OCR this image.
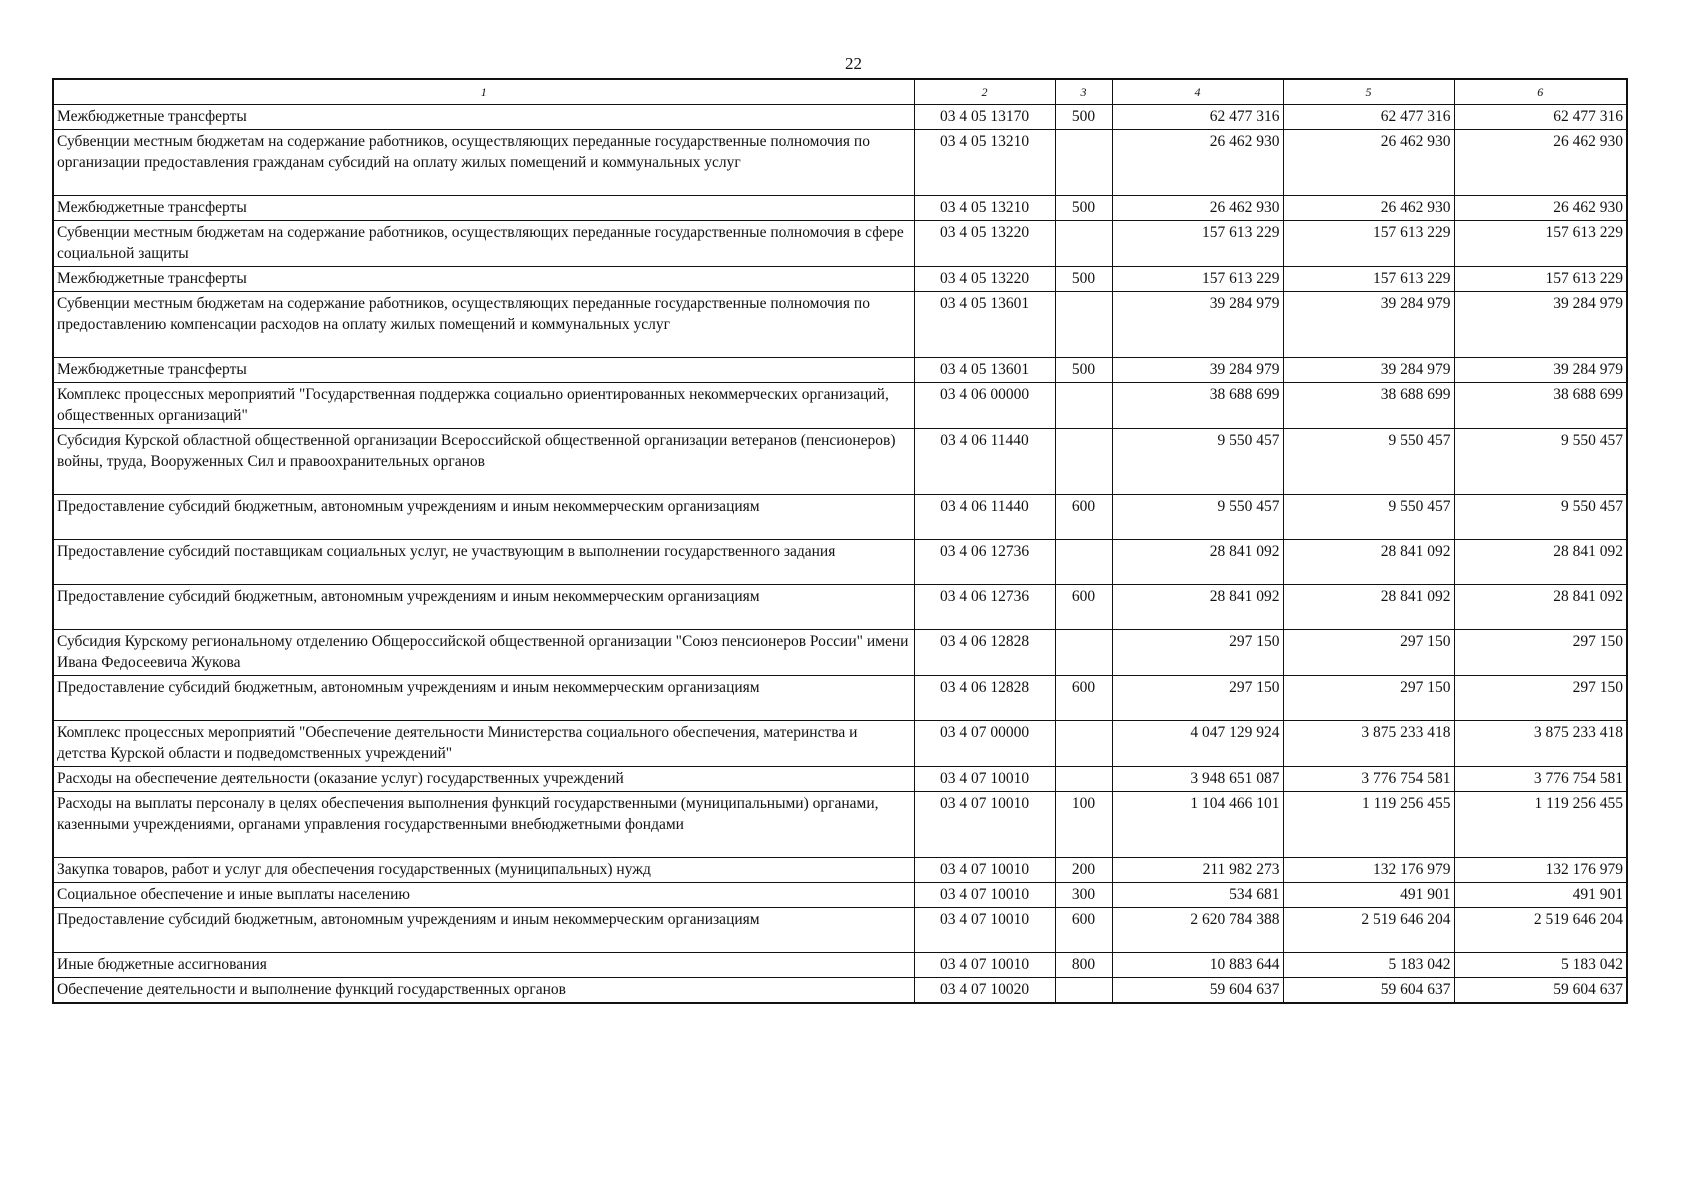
22
1	2	3	4	5	6
Межбюджетные трансферты	03 4 05 13170	500	62 477 316	62 477 316	62 477 316
Субвенции местным бюджетам на содержание работников, осуществляющих переданные государственные полномочия по организации предоставления гражданам субсидий на оплату жилых помещений и коммунальных услуг	03 4 05 13210		26 462 930	26 462 930	26 462 930
Межбюджетные трансферты	03 4 05 13210	500	26 462 930	26 462 930	26 462 930
Субвенции местным бюджетам на содержание работников, осуществляющих переданные государственные полномочия в сфере социальной защиты	03 4 05 13220		157 613 229	157 613 229	157 613 229
Межбюджетные трансферты	03 4 05 13220	500	157 613 229	157 613 229	157 613 229
Субвенции местным бюджетам на содержание работников, осуществляющих переданные государственные полномочия по предоставлению компенсации расходов на оплату жилых помещений и коммунальных услуг	03 4 05 13601		39 284 979	39 284 979	39 284 979
Межбюджетные трансферты	03 4 05 13601	500	39 284 979	39 284 979	39 284 979
Комплекс процессных мероприятий "Государственная поддержка социально ориентированных некоммерческих организаций, общественных организаций"	03 4 06 00000		38 688 699	38 688 699	38 688 699
Субсидия Курской областной общественной организации Всероссийской общественной организации ветеранов (пенсионеров) войны, труда, Вооруженных Сил и правоохранительных органов	03 4 06 11440		9 550 457	9 550 457	9 550 457
Предоставление субсидий бюджетным, автономным учреждениям и иным некоммерческим организациям	03 4 06 11440	600	9 550 457	9 550 457	9 550 457
Предоставление субсидий поставщикам социальных услуг, не участвующим в выполнении государственного задания	03 4 06 12736		28 841 092	28 841 092	28 841 092
Предоставление субсидий бюджетным, автономным учреждениям и иным некоммерческим организациям	03 4 06 12736	600	28 841 092	28 841 092	28 841 092
Субсидия Курскому региональному отделению Общероссийской общественной организации "Союз пенсионеров России" имени Ивана Федосеевича Жукова	03 4 06 12828		297 150	297 150	297 150
Предоставление субсидий бюджетным, автономным учреждениям и иным некоммерческим организациям	03 4 06 12828	600	297 150	297 150	297 150
Комплекс процессных мероприятий "Обеспечение деятельности Министерства социального обеспечения, материнства и детства Курской области и подведомственных учреждений"	03 4 07 00000		4 047 129 924	3 875 233 418	3 875 233 418
Расходы на обеспечение деятельности (оказание услуг) государственных учреждений	03 4 07 10010		3 948 651 087	3 776 754 581	3 776 754 581
Расходы на выплаты персоналу в целях обеспечения выполнения функций государственными (муниципальными) органами, казенными учреждениями, органами управления государственными внебюджетными фондами	03 4 07 10010	100	1 104 466 101	1 119 256 455	1 119 256 455
Закупка товаров, работ и услуг для обеспечения государственных (муниципальных) нужд	03 4 07 10010	200	211 982 273	132 176 979	132 176 979
Социальное обеспечение и иные выплаты населению	03 4 07 10010	300	534 681	491 901	491 901
Предоставление субсидий бюджетным, автономным учреждениям и иным некоммерческим организациям	03 4 07 10010	600	2 620 784 388	2 519 646 204	2 519 646 204
Иные бюджетные ассигнования	03 4 07 10010	800	10 883 644	5 183 042	5 183 042
Обеспечение деятельности и выполнение функций государственных органов	03 4 07 10020		59 604 637	59 604 637	59 604 637
